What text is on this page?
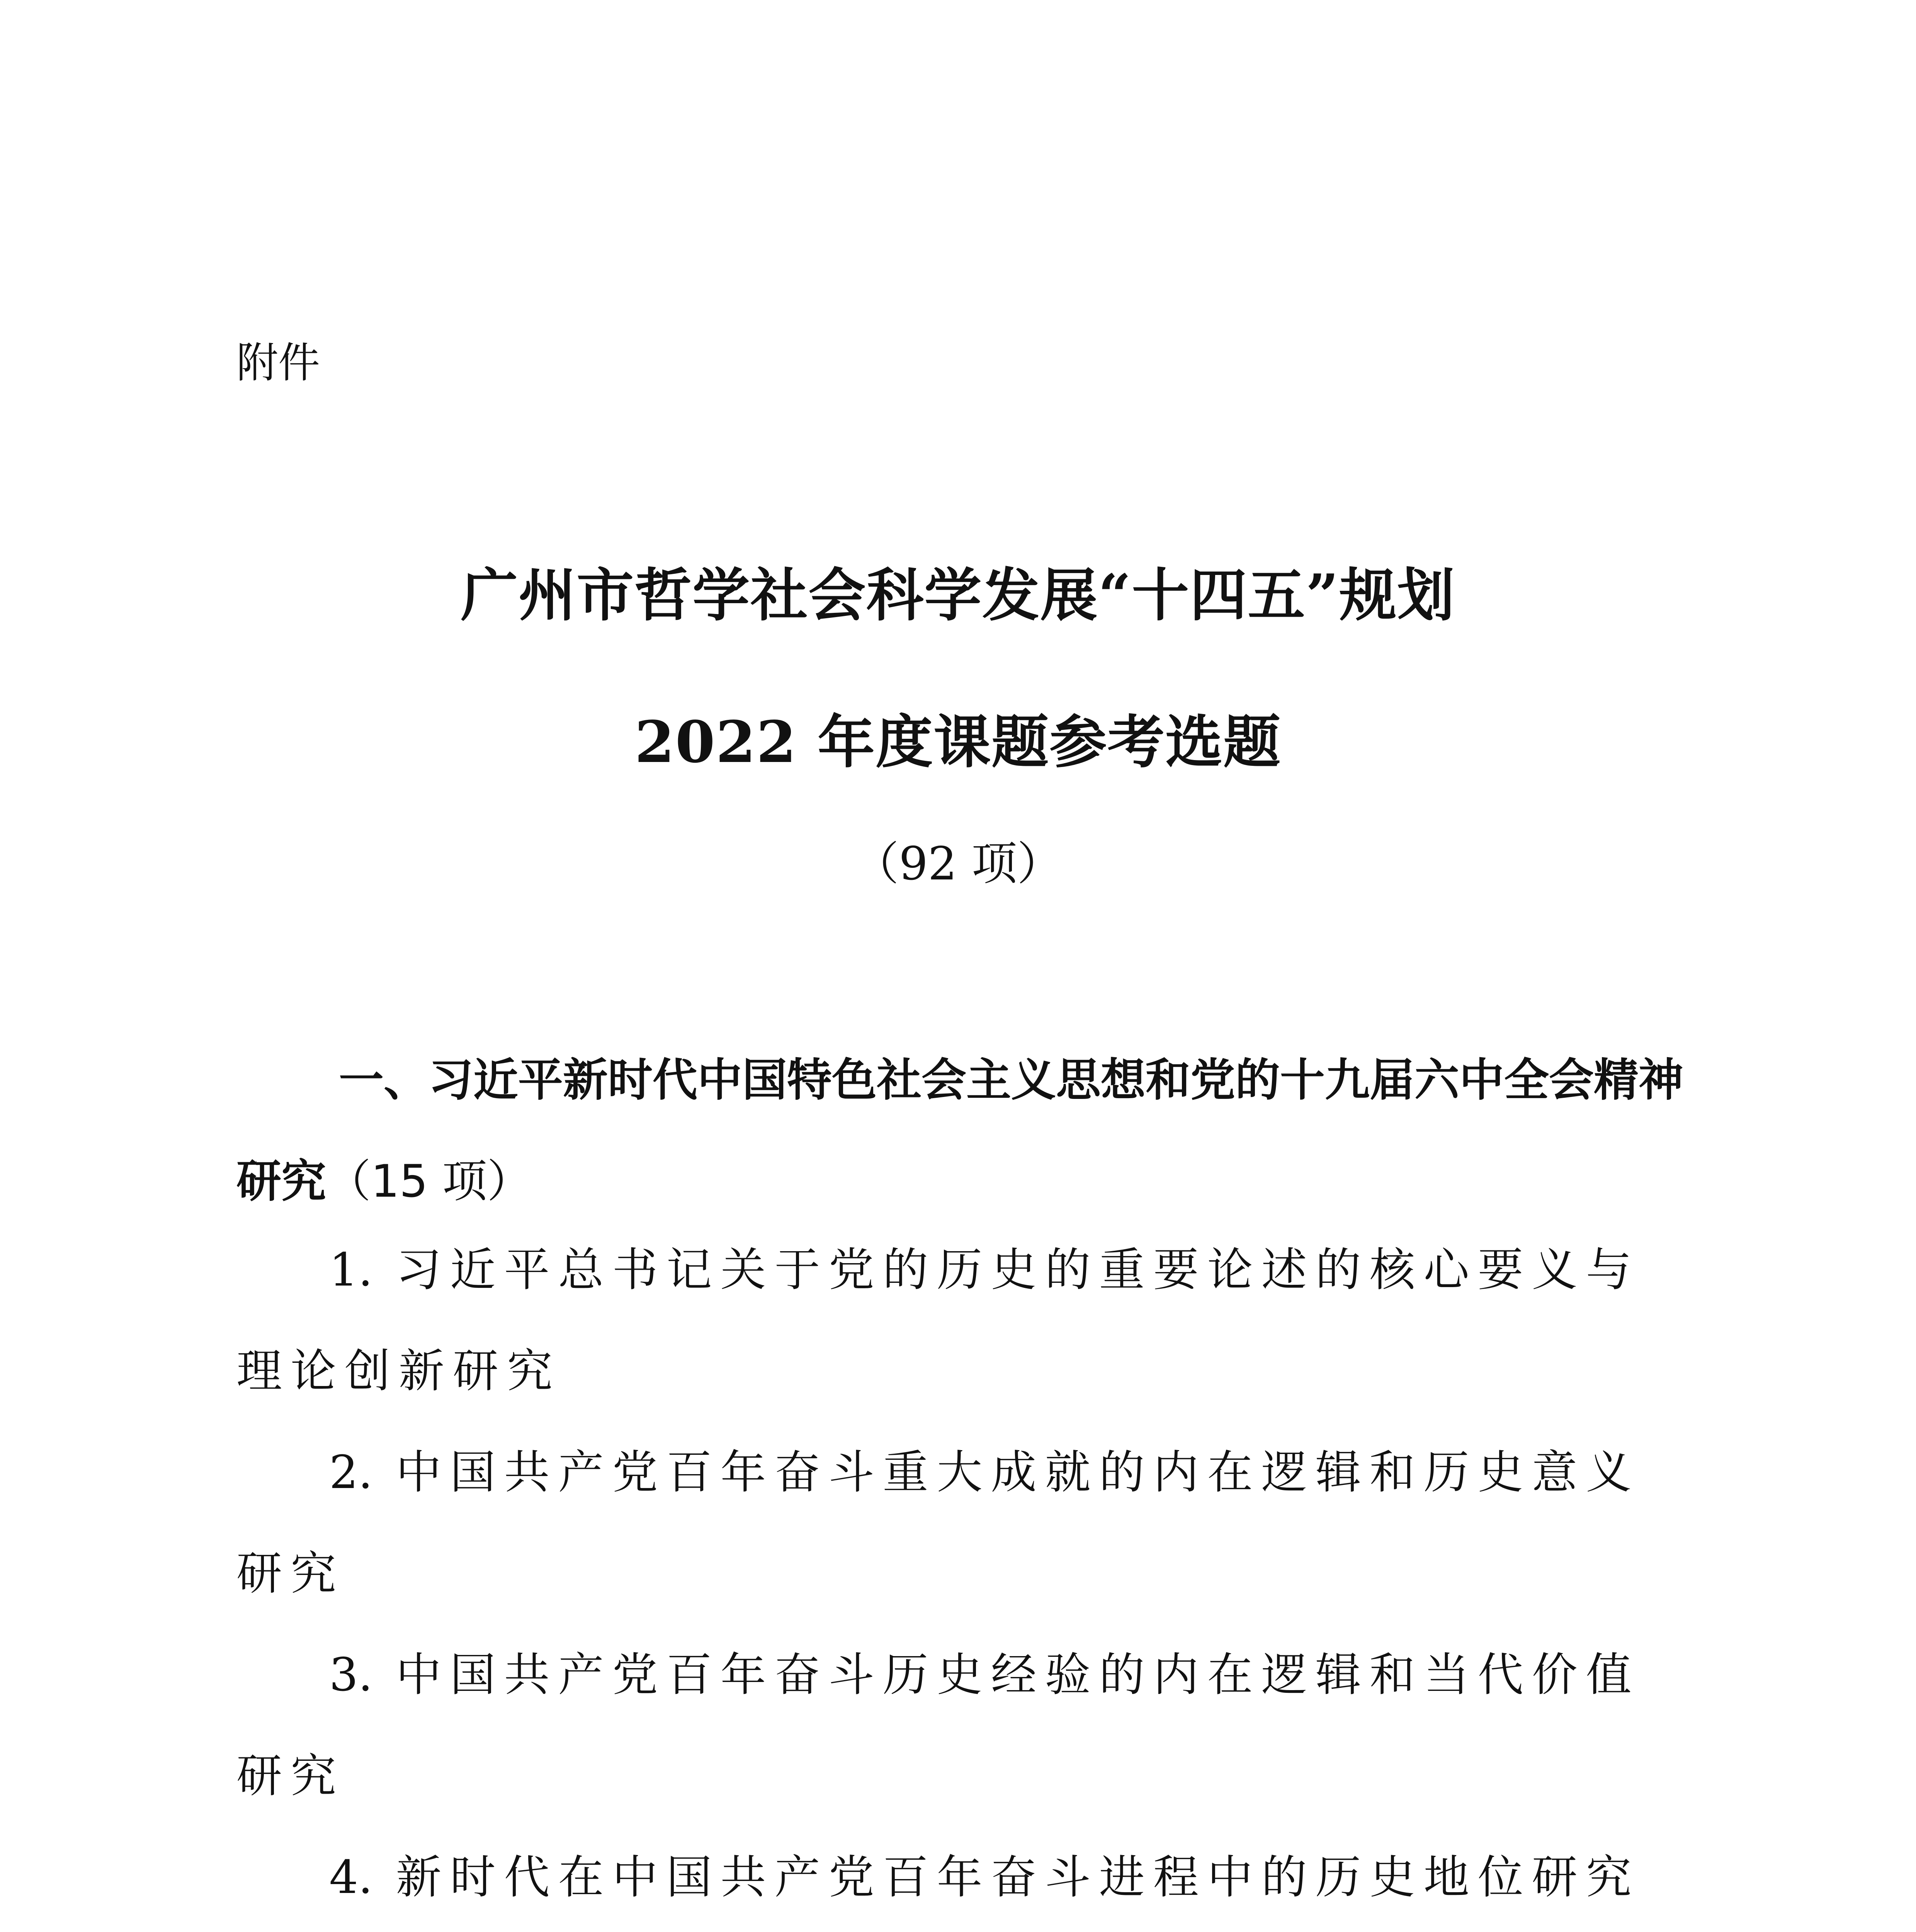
附件
广州市哲学社会科学发展“十四五”规划
2022 年度课题参考选题
（92 项）
一、习近平新时代中国特色社会主义思想和党的十九届六中全会精神研究（15 项）
1. 习近平总书记关于党的历史的重要论述的核心要义与理论创新研究
2. 中国共产党百年奋斗重大成就的内在逻辑和历史意义研究
3. 中国共产党百年奋斗历史经验的内在逻辑和当代价值研究
4. 新时代在中国共产党百年奋斗进程中的历史地位研究
